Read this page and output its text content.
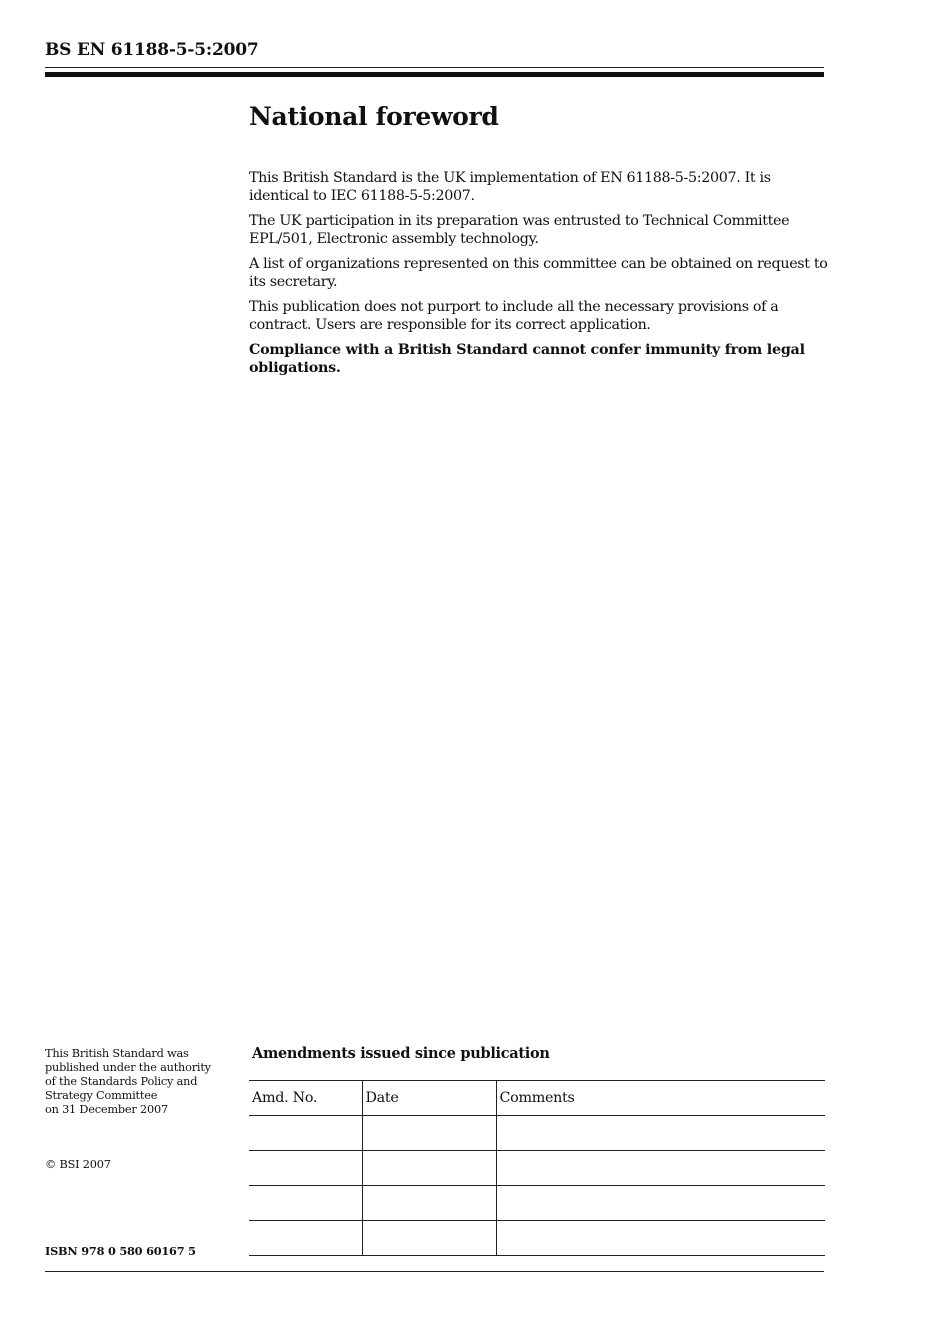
BS EN 61188-5-5:2007
National foreword

This British Standard is the UK implementation of EN 61188-5-5:2007. It is identical to IEC 61188-5-5:2007.

The UK participation in its preparation was entrusted to Technical Committee EPL/501, Electronic assembly technology.

A list of organizations represented on this committee can be obtained on request to its secretary.

This publication does not purport to include all the necessary provisions of a contract. Users are responsible for its correct application.

Compliance with a British Standard cannot confer immunity from legal obligations.

This British Standard was
published under the authority
of the Standards Policy and
Strategy Committee
on 31 December 2007
© BSI 2007
ISBN 978 0 580 60167 5
Amendments issued since publication
Amd. No.	Date	Comments
